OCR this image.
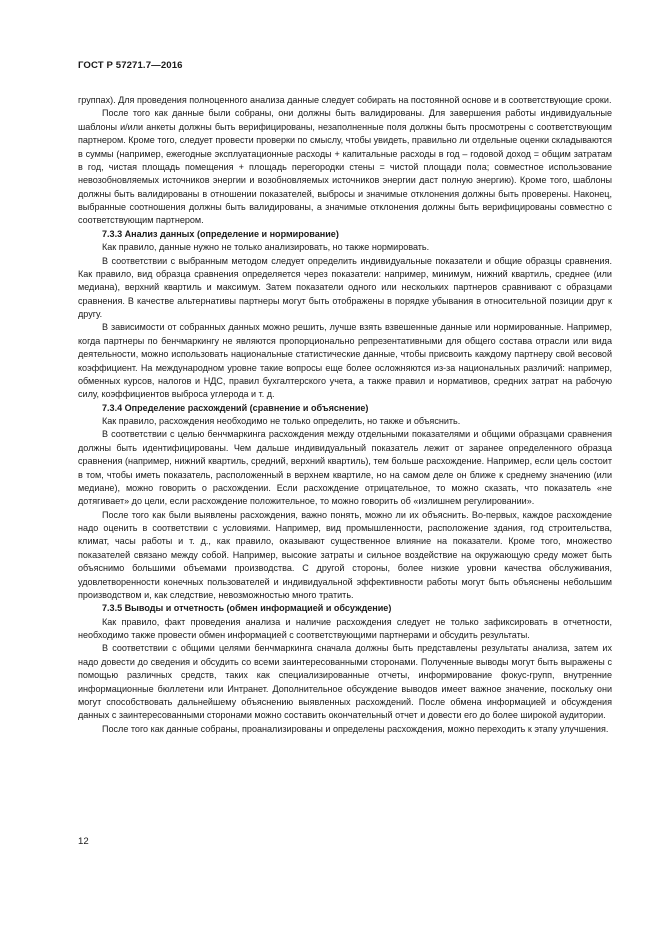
ГОСТ Р 57271.7—2016

группах). Для проведения полноценного анализа данные следует собирать на постоянной основе и в соответствующие сроки.

После того как данные были собраны, они должны быть валидированы. Для завершения работы индивидуальные шаблоны и/или анкеты должны быть верифицированы, незаполненные поля должны быть просмотрены с соответствующим партнером. Кроме того, следует провести проверки по смыслу, чтобы увидеть, правильно ли отдельные оценки складываются в суммы (например, ежегодные эксплуатационные расходы + капитальные расходы в год – годовой доход = общим затратам в год, чистая площадь помещения + площадь перегородки стены = чистой площади пола; совместное использование невозобновляемых источников энергии и возобновляемых источников энергии даст полную энергию). Кроме того, шаблоны должны быть валидированы в отношении показателей, выбросы и значимые отклонения должны быть проверены. Наконец, выбранные соотношения должны быть валидированы, а значимые отклонения должны быть верифицированы совместно с соответствующим партнером.

7.3.3 Анализ данных (определение и нормирование)

Как правило, данные нужно не только анализировать, но также нормировать.

В соответствии с выбранным методом следует определить индивидуальные показатели и общие образцы сравнения. Как правило, вид образца сравнения определяется через показатели: например, минимум, нижний квартиль, среднее (или медиана), верхний квартиль и максимум. Затем показатели одного или нескольких партнеров сравнивают с образцами сравнения. В качестве альтернативы партнеры могут быть отображены в порядке убывания в относительной позиции друг к другу.

В зависимости от собранных данных можно решить, лучше взять взвешенные данные или нормированные. Например, когда партнеры по бенчмаркингу не являются пропорционально репрезентативными для общего состава отрасли или вида деятельности, можно использовать национальные статистические данные, чтобы присвоить каждому партнеру свой весовой коэффициент. На международном уровне такие вопросы еще более осложняются из-за национальных различий: например, обменных курсов, налогов и НДС, правил бухгалтерского учета, а также правил и нормативов, средних затрат на рабочую силу, коэффициентов выброса углерода и т. д.

7.3.4 Определение расхождений (сравнение и объяснение)

Как правило, расхождения необходимо не только определить, но также и объяснить.

В соответствии с целью бенчмаркинга расхождения между отдельными показателями и общими образцами сравнения должны быть идентифицированы. Чем дальше индивидуальный показатель лежит от заранее определенного образца сравнения (например, нижний квартиль, средний, верхний квартиль), тем больше расхождение. Например, если цель состоит в том, чтобы иметь показатель, расположенный в верхнем квартиле, но на самом деле он ближе к среднему значению (или медиане), можно говорить о расхождении. Если расхождение отрицательное, то можно сказать, что показатель «не дотягивает» до цели, если расхождение положительное, то можно говорить об «излишнем регулировании».

После того как были выявлены расхождения, важно понять, можно ли их объяснить. Во-первых, каждое расхождение надо оценить в соответствии с условиями. Например, вид промышленности, расположение здания, год строительства, климат, часы работы и т. д., как правило, оказывают существенное влияние на показатели. Кроме того, множество показателей связано между собой. Например, высокие затраты и сильное воздействие на окружающую среду может быть объяснимо большими объемами производства. С другой стороны, более низкие уровни качества обслуживания, удовлетворенности конечных пользователей и индивидуальной эффективности работы могут быть объяснены небольшим производством и, как следствие, невозможностью много тратить.

7.3.5 Выводы и отчетность (обмен информацией и обсуждение)

Как правило, факт проведения анализа и наличие расхождения следует не только зафиксировать в отчетности, необходимо также провести обмен информацией с соответствующими партнерами и обсудить результаты.

В соответствии с общими целями бенчмаркинга сначала должны быть представлены результаты анализа, затем их надо довести до сведения и обсудить со всеми заинтересованными сторонами. Полученные выводы могут быть выражены с помощью различных средств, таких как специализированные отчеты, информирование фокус-групп, внутренние информационные бюллетени или Интранет. Дополнительное обсуждение выводов имеет важное значение, поскольку они могут способствовать дальнейшему объяснению выявленных расхождений. После обмена информацией и обсуждения данных с заинтересованными сторонами можно составить окончательный отчет и довести его до более широкой аудитории.

После того как данные собраны, проанализированы и определены расхождения, можно переходить к этапу улучшения.

12
